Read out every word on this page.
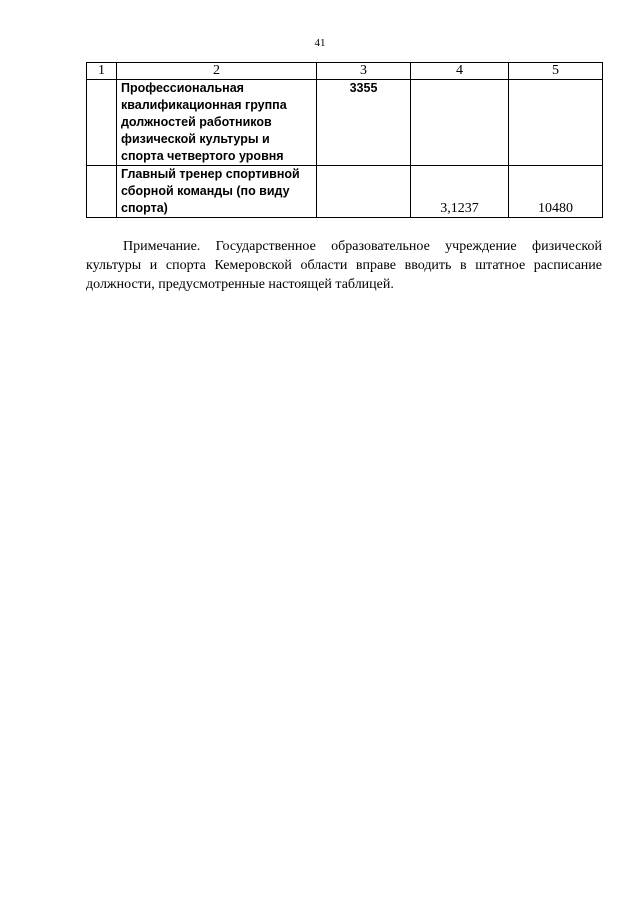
41
1	2	3	4	5
	Профессиональная квалификационная группа должностей работников физической культуры и спорта четвертого уровня	3355		
	Главный тренер спортивной сборной команды (по виду спорта)		3,1237	10480

Примечание. Государственное образовательное учреждение физической культуры и спорта Кемеровской области вправе вводить в штатное расписание должности, предусмотренные настоящей таблицей.
